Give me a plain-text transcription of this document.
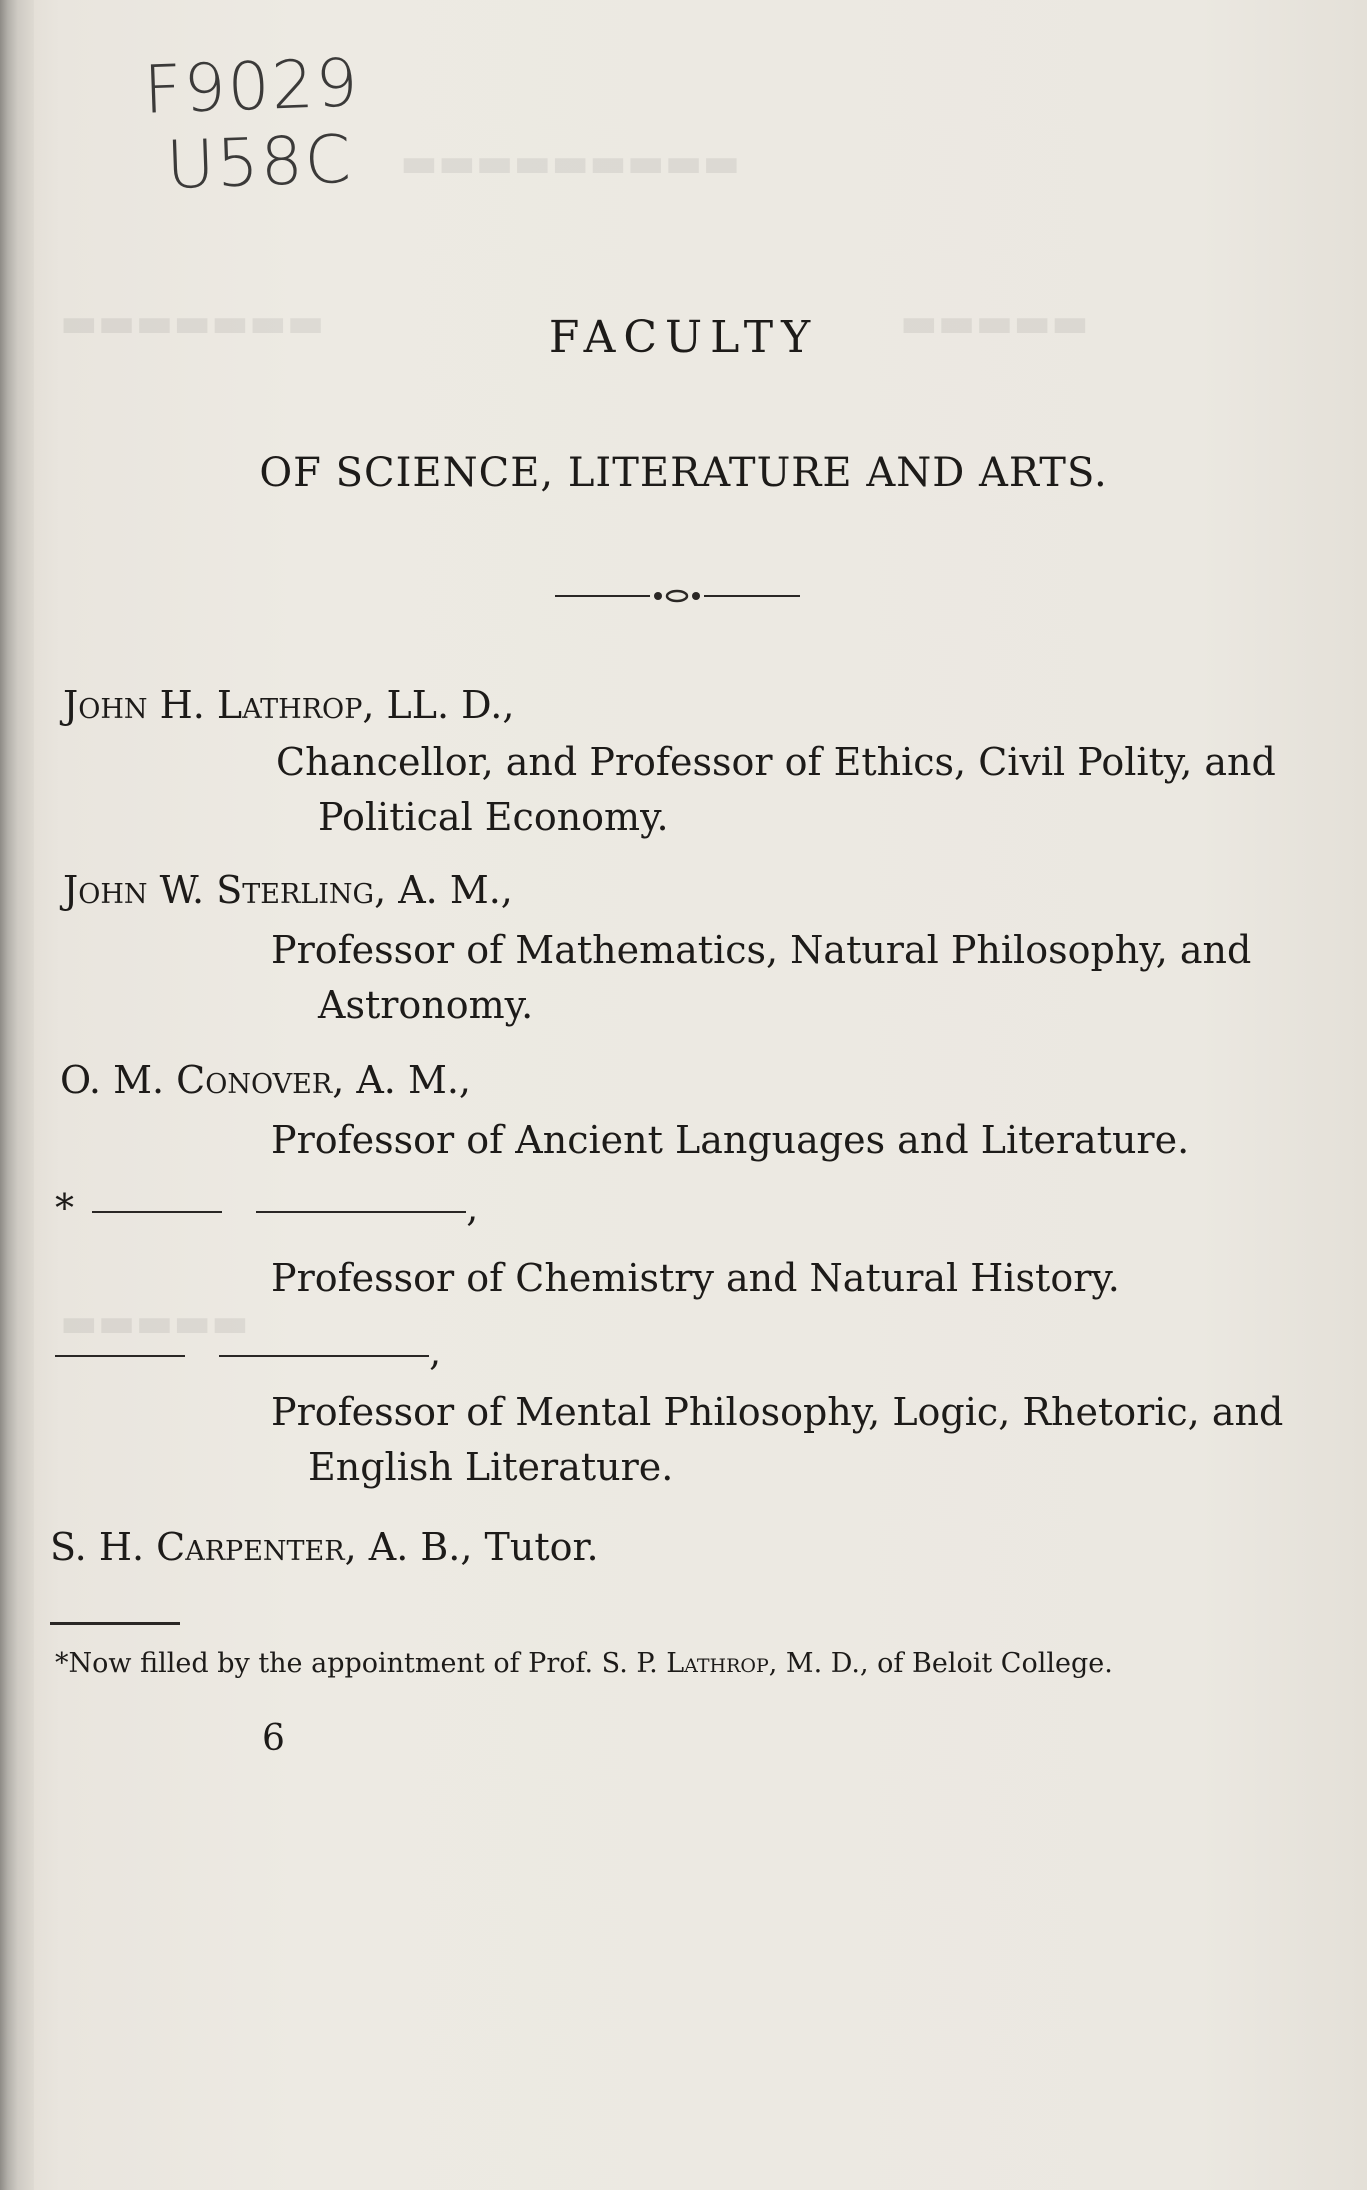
▬▬▬▬▬▬▬▬▬
▬▬▬▬▬▬▬	▬▬▬▬▬
▬▬▬▬▬
F9029
U58C
FACULTY
OF SCIENCE, LITERATURE AND ARTS.
John H. Lathrop, LL. D.,
Chancellor, and Professor of Ethics, Civil Polity, and
Political Economy.
John W. Sterling, A. M.,
Professor of Mathematics, Natural Philosophy, and
Astronomy.
O. M. Conover, A. M.,
Professor of Ancient Languages and Literature.
*	,
Professor of Chemistry and Natural History.
,
Professor of Mental Philosophy, Logic, Rhetoric, and
English Literature.
S. H. Carpenter, A. B., Tutor.
*Now filled by the appointment of Prof. S. P. Lathrop, M. D., of Beloit College.
6
